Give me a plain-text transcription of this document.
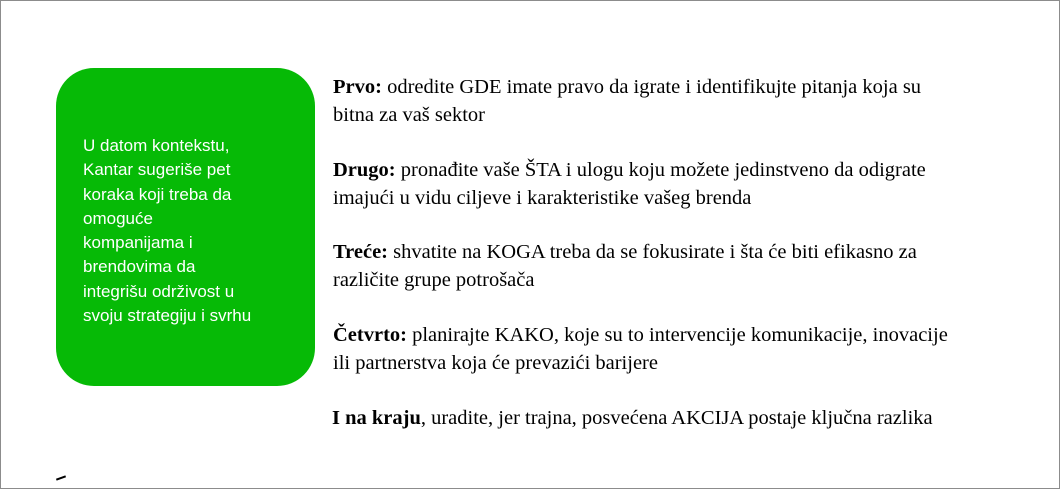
U datom kontekstu,
Kantar sugeriše pet
koraka koji treba da
omoguće
kompanijama i
brendovima da
integrišu održivost u
svoju strategiju i svrhu
Prvo: odredite GDE imate pravo da igrate i identifikujte pitanja koja su
bitna za vaš sektor
Drugo: pronađite vaše ŠTA i ulogu koju možete jedinstveno da odigrate
imajući u vidu ciljeve i karakteristike vašeg brenda
Treće: shvatite na KOGA treba da se fokusirate i šta će biti efikasno za
različite grupe potrošača
Četvrto: planirajte KAKO, koje su to intervencije komunikacije, inovacije
ili partnerstva koja će prevazići barijere
I na kraju, uradite, jer trajna, posvećena AKCIJA postaje ključna razlika
